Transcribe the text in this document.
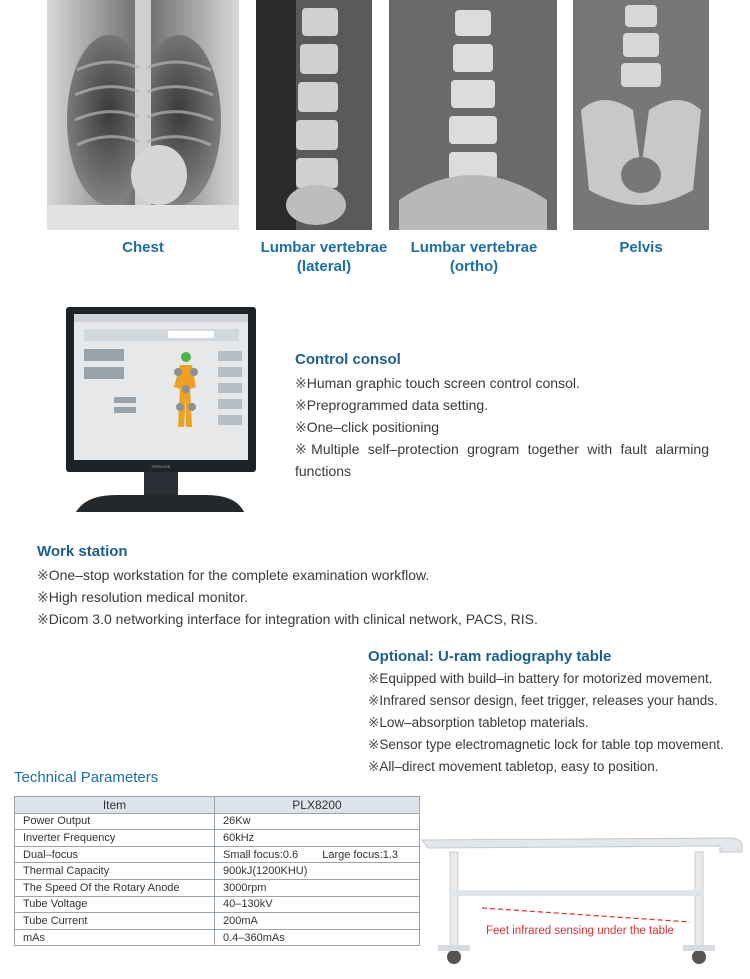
Chest	Lumbar vertebrae
(lateral)
Lumbar vertebrae
(ortho)
Pelvis
PERLOVE
Control consol
※Human graphic touch screen control consol.
※Preprogrammed data setting.
※One–click positioning
※Multiple self–protection grogram together with fault alarming functions
Work station
※One–stop workstation for the complete examination workflow.
※High resolution medical monitor.
※Dicom 3.0 networking interface for integration with clinical network, PACS, RIS.
Optional: U-ram radiography table
※Equipped with build–in battery for motorized movement.
※Infrared sensor design, feet trigger, releases your hands.
※Low–absorption tabletop materials.
※Sensor type electromagnetic lock for table top movement.
※All–direct movement tabletop, easy to position.
Technical Parameters
Item	PLX8200
Power Output	26Kw
Inverter Frequency	60kHz
Dual–focus	Small focus:0.6 Large focus:1.3
Thermal Capacity	900kJ(1200KHU)
The Speed Of the Rotary Anode	3000rpm
Tube Voltage	40–130kV
Tube Current	200mA
mAs	0.4–360mAs
Feet infrared sensing under the table
